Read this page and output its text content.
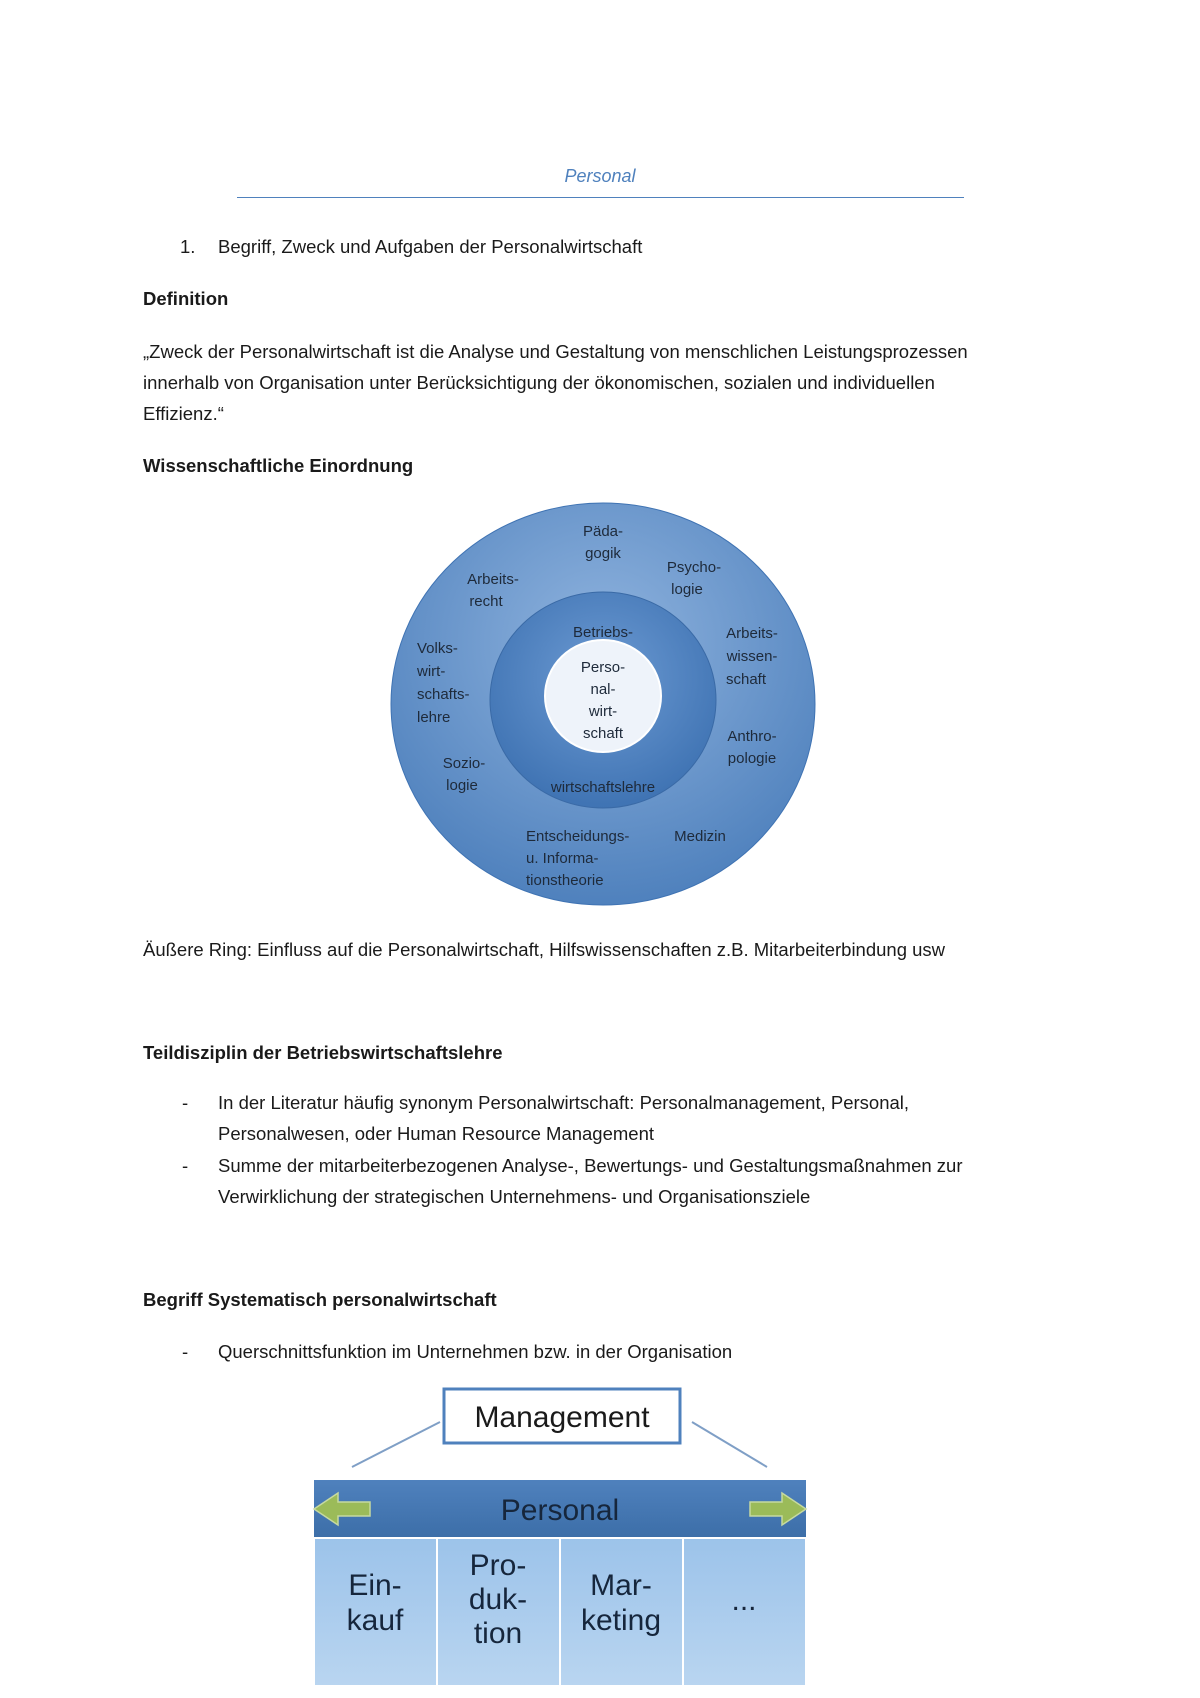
Personal
1. Begriff, Zweck und Aufgaben der Personalwirtschaft
Definition
„Zweck der Personalwirtschaft ist die Analyse und Gestaltung von menschlichen Leistungsprozessen
innerhalb von Organisation unter Berücksichtigung der ökonomischen, sozialen und individuellen
Effizienz.“
Wissenschaftliche Einordnung
Päda-gogik
Psycho-logie
Arbeits-recht
Arbeits-wissen-schaft
Volks-wirt-schafts-lehre
Anthro-pologie
Sozio-logie
Medizin
Entscheidungs-u. Informa-tionstheorie
Betriebs-
wirtschaftslehre
Perso-nal-wirt-schaft
Äußere Ring: Einfluss auf die Personalwirtschaft, Hilfswissenschaften z.B. Mitarbeiterbindung usw
Teildisziplin der Betriebswirtschaftslehre
- In der Literatur häufig synonym Personalwirtschaft: Personalmanagement, Personal,
Personalwesen, oder Human Resource Management
- Summe der mitarbeiterbezogenen Analyse-, Bewertungs- und Gestaltungsmaßnahmen zur
Verwirklichung der strategischen Unternehmens- und Organisationsziele
Begriff Systematisch personalwirtschaft
- Querschnittsfunktion im Unternehmen bzw. in der Organisation
Management
Personal
Ein-kauf
Pro-duk-tion
Mar-keting
...
